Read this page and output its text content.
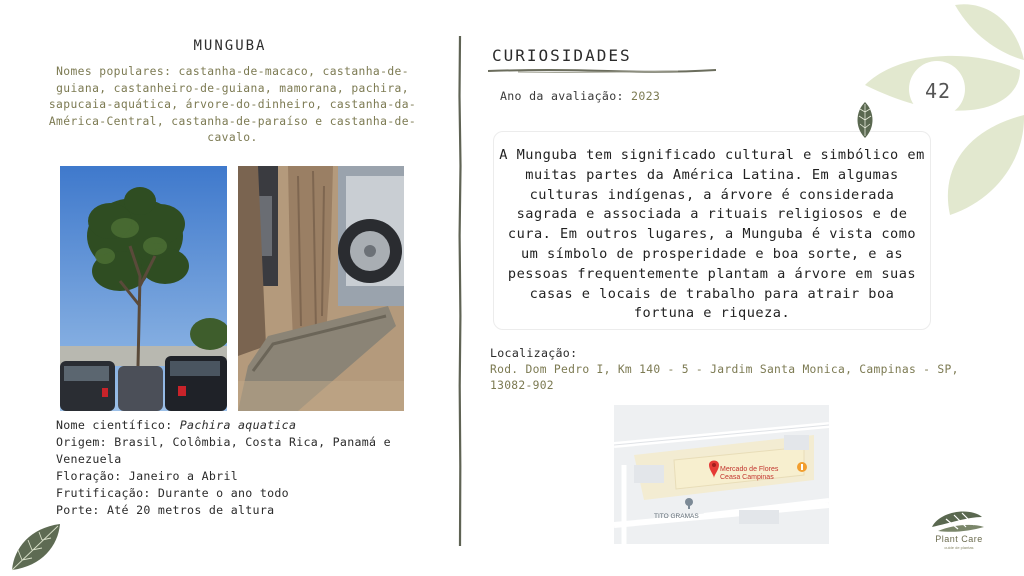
MUNGUBA
Nomes populares: castanha-de-macaco, castanha-de-guiana, castanheiro-de-guiana, mamorana, pachira, sapucaia-aquática, árvore-do-dinheiro, castanha-da-América-Central, castanha-de-paraíso e castanha-de-cavalo.
Nome científico: Pachira aquatica
Origem: Brasil, Colômbia, Costa Rica, Panamá e Venezuela
Floração: Janeiro a Abril
Frutificação: Durante o ano todo
Porte: Até 20 metros de altura
CURIOSIDADES
Ano da avaliação: 2023
A Munguba tem significado cultural e simbólico em muitas partes da América Latina. Em algumas culturas indígenas, a árvore é considerada sagrada e associada a rituais religiosos e de cura. Em outros lugares, a Munguba é vista como um símbolo de prosperidade e boa sorte, e as pessoas frequentemente plantam a árvore em suas casas e locais de trabalho para atrair boa fortuna e riqueza.
Localização:
Rod. Dom Pedro I, Km 140 - 5 - Jardim Santa Monica, Campinas - SP, 13082-902
Mercado de Flores
Ceasa Campinas
TITO GRAMAS
42
Plant Care
cuide de plantas
